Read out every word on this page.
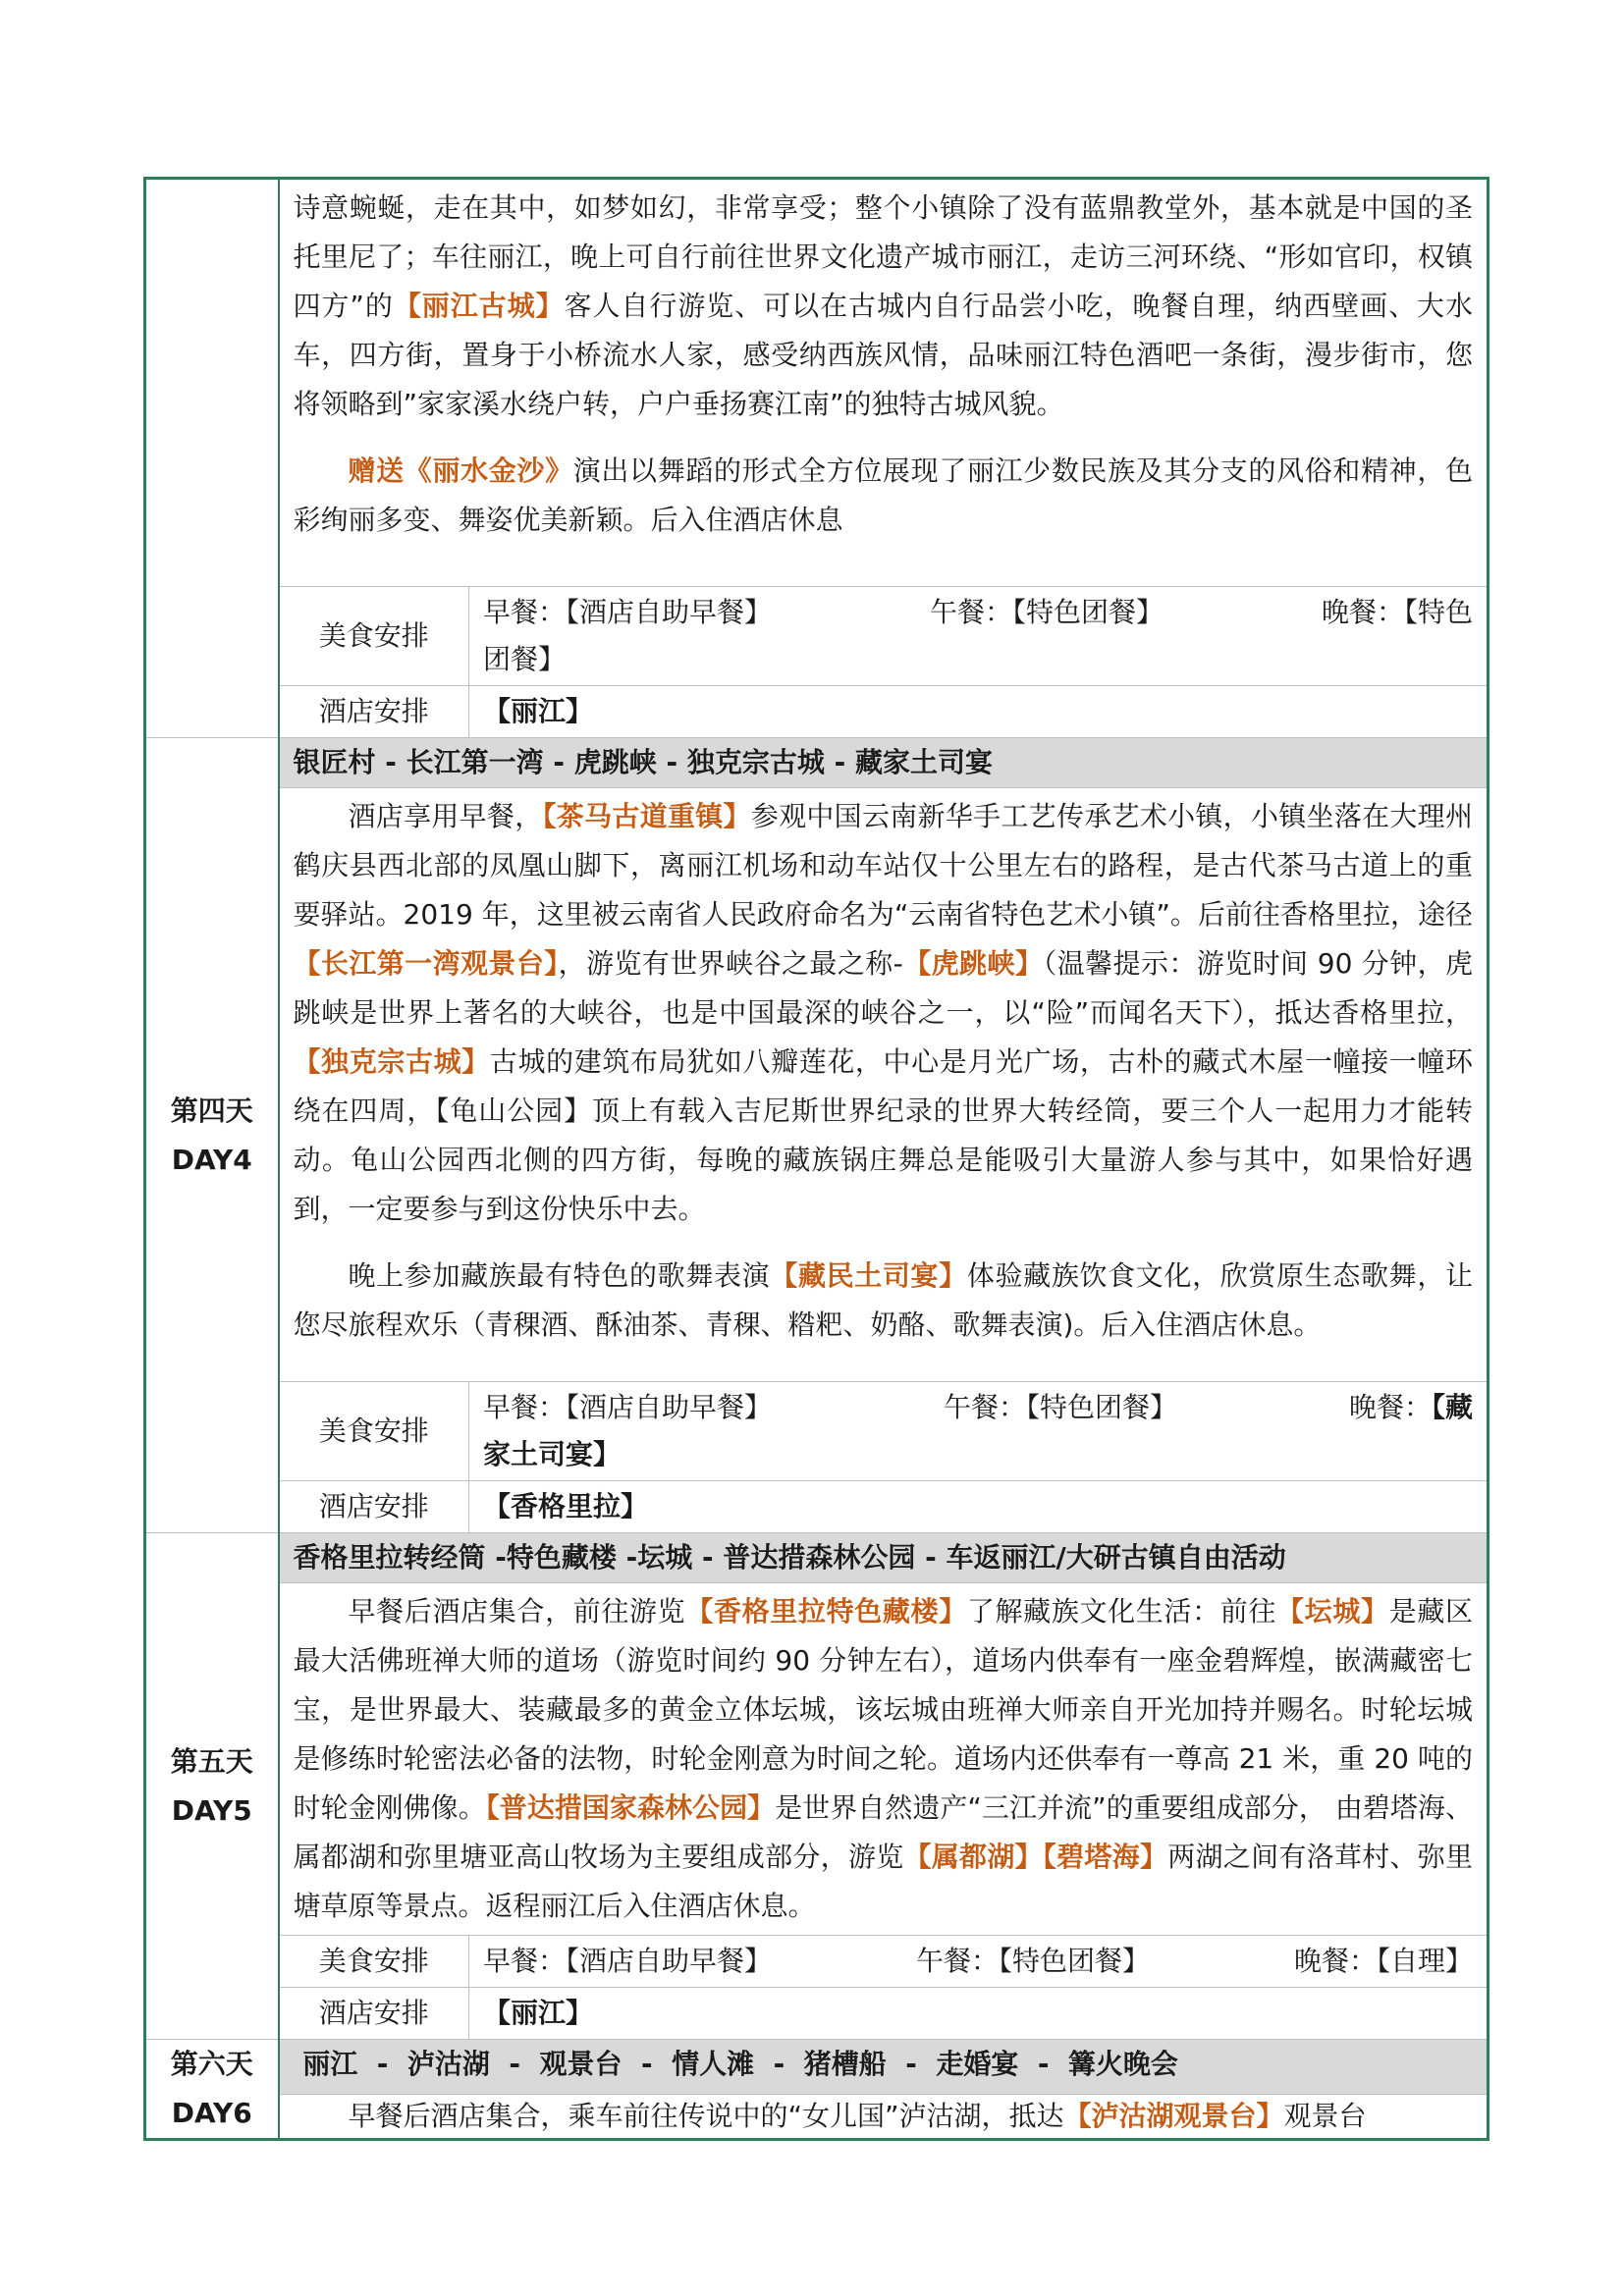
	诗意蜿蜒，走在其中，如梦如幻，非常享受；整个小镇除了没有蓝鼎教堂外，基本就是中国的圣托里尼了；车往丽江，晚上可自行前往世界文化遗产城市丽江，走访三河环绕、“形如官印，权镇四方”的【丽江古城】客人自行游览、可以在古城内自行品尝小吃，晚餐自理，纳西壁画、大水车，四方街，置身于小桥流水人家，感受纳西族风情，品味丽江特色酒吧一条街，漫步街市，您将领略到”家家溪水绕户转，户户垂扬赛江南”的独特古城风貌。

赠送《丽水金沙》演出以舞蹈的形式全方位展现了丽江少数民族及其分支的风俗和精神，色彩绚丽多变、舞姿优美新颖。后入住酒店休息	

	美食安排	早餐：【酒店自助早餐】 午餐：【特色团餐】 晚餐：【特色
团餐】

	酒店安排	【丽江】

第四天
DAY4	银匠村 - 长江第一湾 - 虎跳峡 - 独克宗古城 - 藏家土司宴	

	酒店享用早餐，【茶马古道重镇】参观中国云南新华手工艺传承艺术小镇，小镇坐落在大理州鹤庆县西北部的凤凰山脚下，离丽江机场和动车站仅十公里左右的路程，是古代茶马古道上的重要驿站。2019 年，这里被云南省人民政府命名为“云南省特色艺术小镇”。后前往香格里拉，途径【长江第一湾观景台】，游览有世界峡谷之最之称-【虎跳峡】（温馨提示：游览时间 90 分钟，虎跳峡是世界上著名的大峡谷，也是中国最深的峡谷之一，以“险”而闻名天下），抵达香格里拉，【独克宗古城】古城的建筑布局犹如八瓣莲花，中心是月光广场，古朴的藏式木屋一幢接一幢环绕在四周，【龟山公园】顶上有载入吉尼斯世界纪录的世界大转经筒，要三个人一起用力才能转动。龟山公园西北侧的四方街，每晚的藏族锅庄舞总是能吸引大量游人参与其中，如果恰好遇到，一定要参与到这份快乐中去。

晚上参加藏族最有特色的歌舞表演【藏民土司宴】体验藏族饮食文化，欣赏原生态歌舞，让您尽旅程欢乐（青稞酒、酥油茶、青稞、糌粑、奶酪、歌舞表演)。后入住酒店休息。	

	美食安排	早餐：【酒店自助早餐】 午餐：【特色团餐】 晚餐：【藏
家土司宴】

	酒店安排	【香格里拉】

第五天
DAY5	香格里拉转经筒 -特色藏楼 -坛城 - 普达措森林公园 - 车返丽江/大研古镇自由活动	

	早餐后酒店集合，前往游览【香格里拉特色藏楼】了解藏族文化生活：前往【坛城】是藏区最大活佛班禅大师的道场（游览时间约 90 分钟左右），道场内供奉有一座金碧辉煌，嵌满藏密七宝，是世界最大、装藏最多的黄金立体坛城，该坛城由班禅大师亲自开光加持并赐名。时轮坛城是修练时轮密法必备的法物，时轮金刚意为时间之轮。道场内还供奉有一尊高 21 米，重 20 吨的时轮金刚佛像。【普达措国家森林公园】是世界自然遗产“三江并流”的重要组成部分， 由碧塔海、属都湖和弥里塘亚高山牧场为主要组成部分，游览【属都湖】【碧塔海】两湖之间有洛茸村、弥里塘草原等景点。返程丽江后入住酒店休息。	

	美食安排	早餐：【酒店自助早餐】 午餐：【特色团餐】 晚餐：【自理】

	酒店安排	【丽江】

第六天
DAY6	丽江  -  泸沽湖  -  观景台  -  情人滩  -  猪槽船  -  走婚宴  -  篝火晚会	

	早餐后酒店集合，乘车前往传说中的“女儿国”泸沽湖，抵达【泸沽湖观景台】观景台	
